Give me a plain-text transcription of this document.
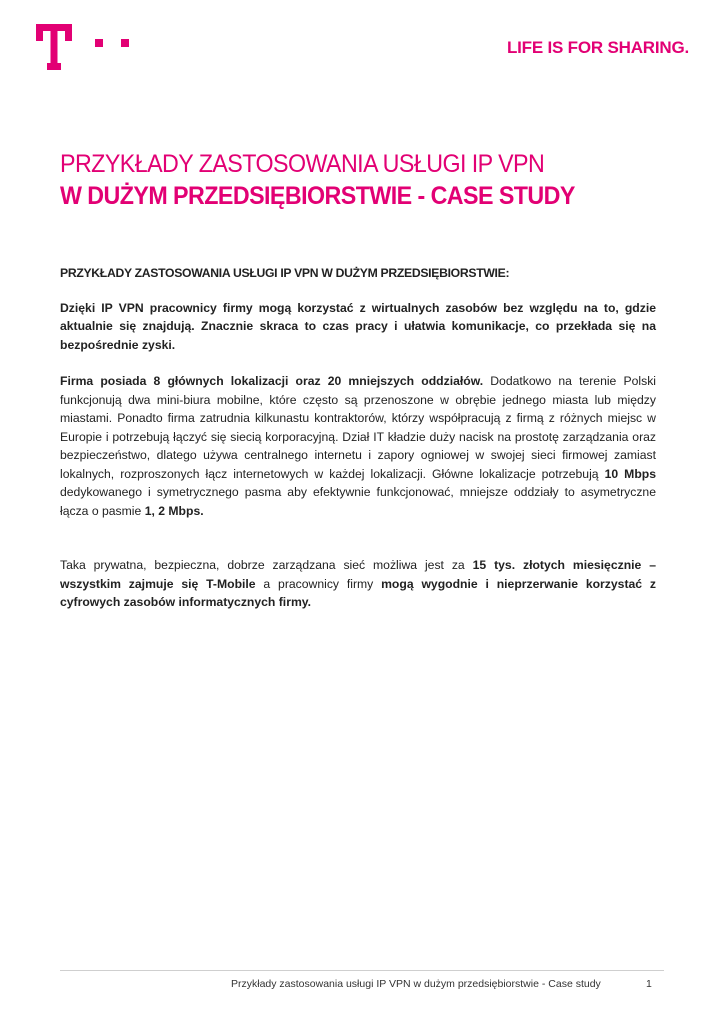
LIFE IS FOR SHARING.
PRZYKŁADY ZASTOSOWANIA USŁUGI IP VPN
W DUŻYM PRZEDSIĘBIORSTWIE - CASE STUDY

PRZYKŁADY ZASTOSOWANIA USŁUGI IP VPN W DUŻYM PRZEDSIĘBIORSTWIE:

Dzięki IP VPN pracownicy firmy mogą korzystać z wirtualnych zasobów bez względu na to, gdzie aktualnie się znajdują. Znacznie skraca to czas pracy i ułatwia komunikacje, co przekłada się na bezpośrednie zyski.

Firma posiada 8 głównych lokalizacji oraz 20 mniejszych oddziałów. Dodatkowo na terenie Polski funkcjonują dwa mini-biura mobilne, które często są przenoszone w obrębie jednego miasta lub między miastami. Ponadto firma zatrudnia kilkunastu kontraktorów, którzy współpracują z firmą z różnych miejsc w Europie i potrzebują łączyć się siecią korporacyjną. Dział IT kładzie duży nacisk na prostotę zarządzania oraz bezpieczeństwo, dlatego używa centralnego internetu i zapory ogniowej w swojej sieci firmowej zamiast lokalnych, rozproszonych łącz internetowych w każdej lokalizacji. Główne lokalizacje potrzebują 10 Mbps dedykowanego i symetrycznego pasma aby efektywnie funkcjonować, mniejsze oddziały to asymetryczne łącza o pasmie 1, 2 Mbps.

Taka prywatna, bezpieczna, dobrze zarządzana sieć możliwa jest za 15 tys. złotych miesięcznie – wszystkim zajmuje się T-Mobile a pracownicy firmy mogą wygodnie i nieprzerwanie korzystać z cyfrowych zasobów informatycznych firmy.

Przykłady zastosowania usługi IP VPN w dużym przedsiębiorstwie - Case study	1
